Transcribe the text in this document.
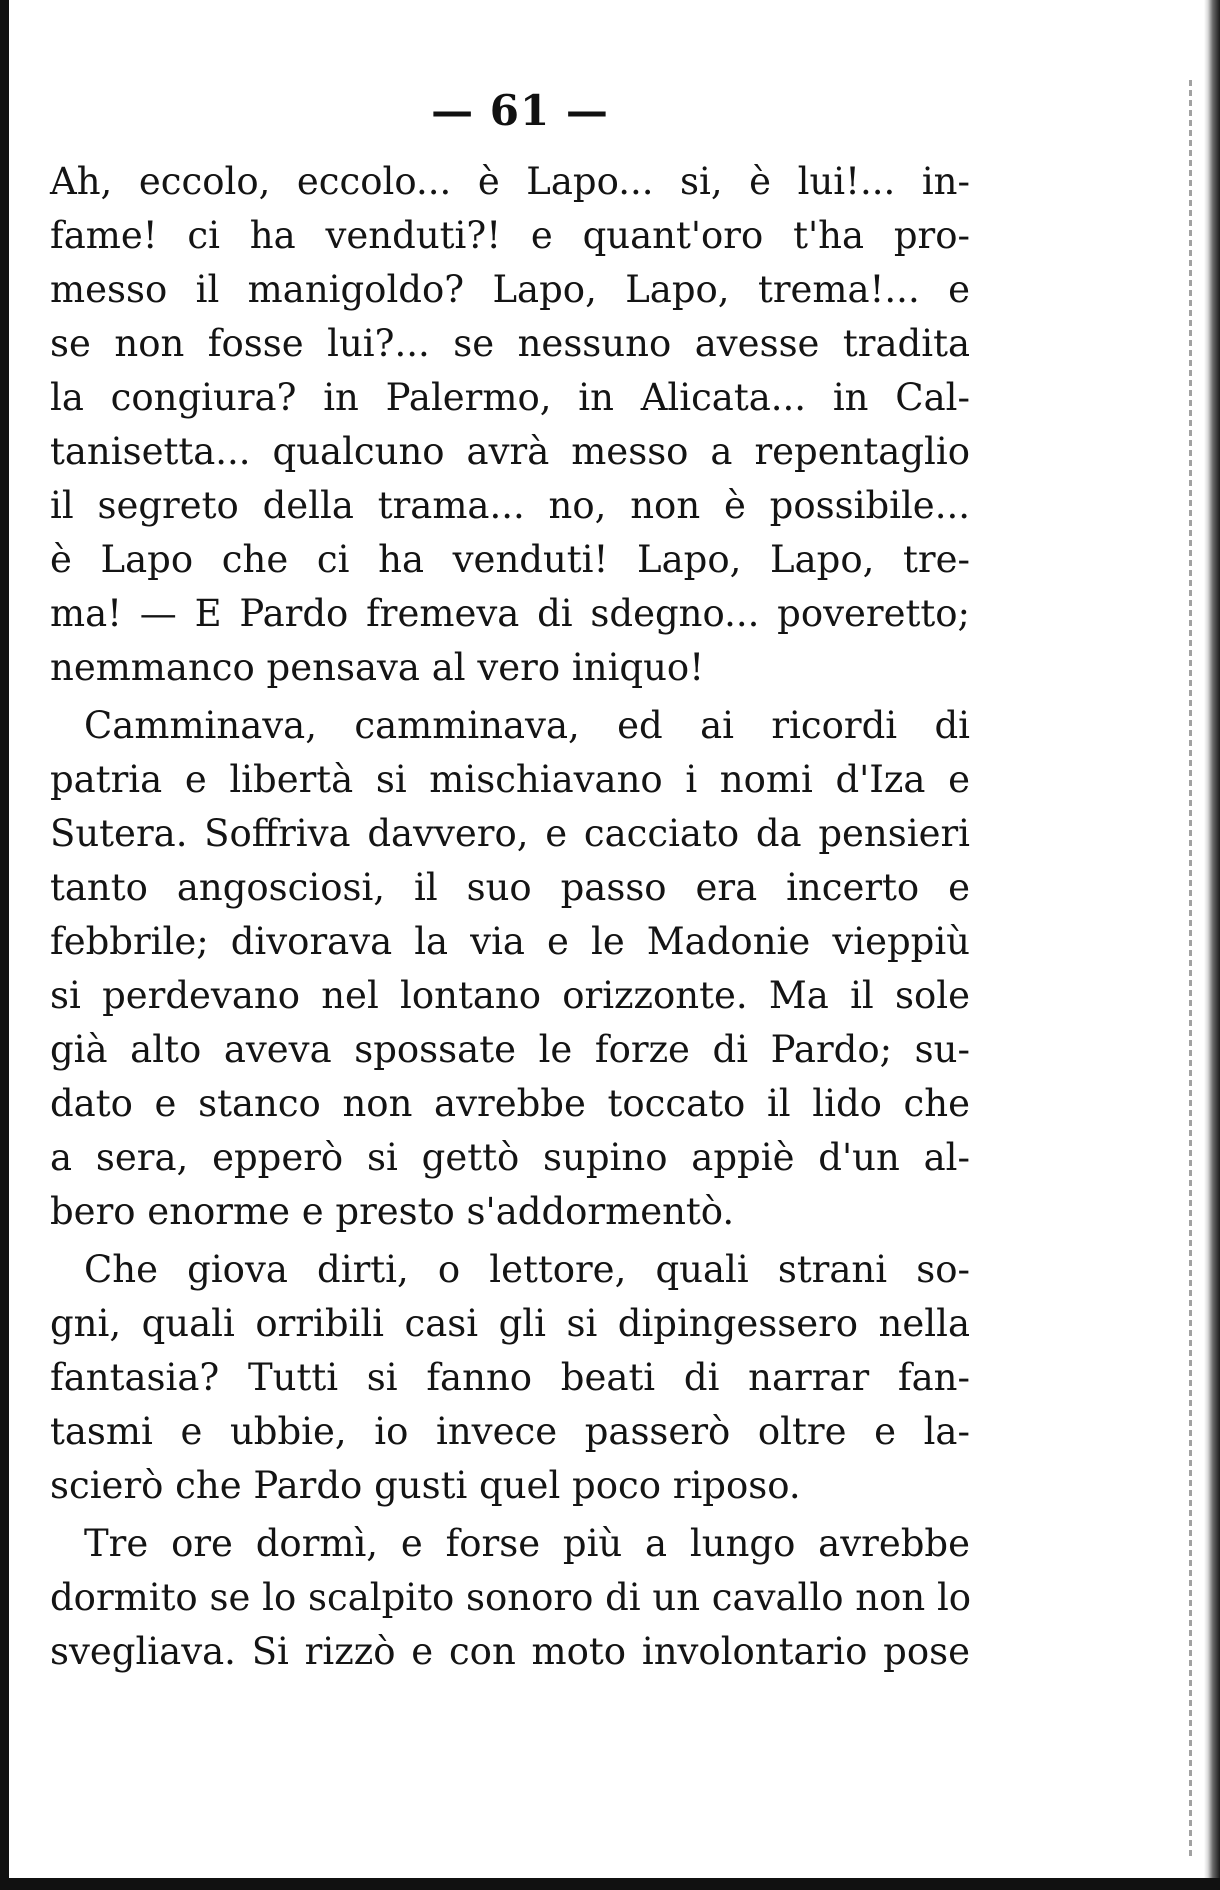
— 61 —
Ah, eccolo, eccolo... è Lapo... si, è lui!... in-
fame! ci ha venduti?! e quant'oro t'ha pro-
messo il manigoldo? Lapo, Lapo, trema!... e
se non fosse lui?... se nessuno avesse tradita
la congiura? in Palermo, in Alicata... in Cal-
tanisetta... qualcuno avrà messo a repentaglio
il segreto della trama... no, non è possibile...
è Lapo che ci ha venduti! Lapo, Lapo, tre-
ma! — E Pardo fremeva di sdegno... poveretto;
nemmanco pensava al vero iniquo!
Camminava, camminava, ed ai ricordi di
patria e libertà si mischiavano i nomi d'Iza e
Sutera. Soffriva davvero, e cacciato da pensieri
tanto angosciosi, il suo passo era incerto e
febbrile; divorava la via e le Madonie vieppiù
si perdevano nel lontano orizzonte. Ma il sole
già alto aveva spossate le forze di Pardo; su-
dato e stanco non avrebbe toccato il lido che
a sera, epperò si gettò supino appiè d'un al-
bero enorme e presto s'addormentò.
Che giova dirti, o lettore, quali strani so-
gni, quali orribili casi gli si dipingessero nella
fantasia? Tutti si fanno beati di narrar fan-
tasmi e ubbie, io invece passerò oltre e la-
scierò che Pardo gusti quel poco riposo.
Tre ore dormì, e forse più a lungo avrebbe
dormito se lo scalpito sonoro di un cavallo non lo
svegliava. Si rizzò e con moto involontario pose
